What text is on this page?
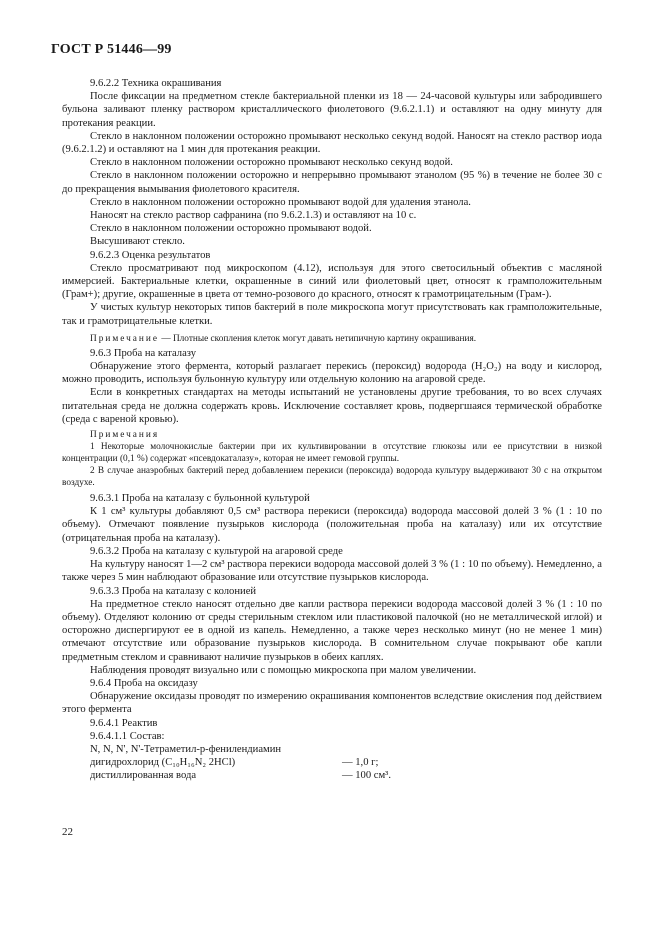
ГОСТ Р 51446—99

9.6.2.2 Техника окрашивания

После фиксации на предметном стекле бактериальной пленки из 18 — 24-часовой культуры или забродившего бульона заливают пленку раствором кристаллического фиолетового (9.6.2.1.1) и оставляют на одну минуту для протекания реакции.

Стекло в наклонном положении осторожно промывают несколько секунд водой. Наносят на стекло раствор иода (9.6.2.1.2) и оставляют на 1 мин для протекания реакции.

Стекло в наклонном положении осторожно промывают несколько секунд водой.

Стекло в наклонном положении осторожно и непрерывно промывают этанолом (95 %) в течение не более 30 с до прекращения вымывания фиолетового красителя.

Стекло в наклонном положении осторожно промывают водой для удаления этанола.

Наносят на стекло раствор сафранина (по 9.6.2.1.3) и оставляют на 10 с.

Стекло в наклонном положении осторожно промывают водой.

Высушивают стекло.

9.6.2.3 Оценка результатов

Стекло просматривают под микроскопом (4.12), используя для этого светосильный объектив с масляной иммерсией. Бактериальные клетки, окрашенные в синий или фиолетовый цвет, относят к грамположительным (Грам+); другие, окрашенные в цвета от темно-розового до красного, относят к грамотрицательным (Грам-).

У чистых культур некоторых типов бактерий в поле микроскопа могут присутствовать как грамположительные, так и грамотрицательные клетки.

Примечание — Плотные скопления клеток могут давать нетипичную картину окрашивания.

9.6.3 Проба на каталазу

Обнаружение этого фермента, который разлагает перекись (пероксид) водорода (H₂O₂) на воду и кислород, можно проводить, используя бульонную культуру или отдельную колонию на агаровой среде.

Если в конкретных стандартах на методы испытаний не установлены другие требования, то во всех случаях питательная среда не должна содержать кровь. Исключение составляет кровь, подвергшаяся термической обработке (среда с вареной кровью).

Примечания

1 Некоторые молочнокислые бактерии при их культивировании в отсутствие глюкозы или ее присутствии в низкой концентрации (0,1 %) содержат «псевдокаталазу», которая не имеет гемовой группы.

2 В случае анаэробных бактерий перед добавлением перекиси (пероксида) водорода культуру выдерживают 30 с на открытом воздухе.

9.6.3.1 Проба на каталазу с бульонной культурой

К 1 см³ культуры добавляют 0,5 см³ раствора перекиси (пероксида) водорода массовой долей 3 % (1 : 10 по объему). Отмечают появление пузырьков кислорода (положительная проба на каталазу) или их отсутствие (отрицательная проба на каталазу).

9.6.3.2 Проба на каталазу с культурой на агаровой среде

На культуру наносят 1—2 см³ раствора перекиси водорода массовой долей 3 % (1 : 10 по объему). Немедленно, а также через 5 мин наблюдают образование или отсутствие пузырьков кислорода.

9.6.3.3 Проба на каталазу с колонией

На предметное стекло наносят отдельно две капли раствора перекиси водорода массовой долей 3 % (1 : 10 по объему). Отделяют колонию от среды стерильным стеклом или пластиковой палочкой (но не металлической иглой) и осторожно диспергируют ее в одной из капель. Немедленно, а также через несколько минут (но не менее 1 мин) отмечают отсутствие или образование пузырьков кислорода. В сомнительном случае покрывают обе капли предметным стеклом и сравнивают наличие пузырьков в обеих каплях.

Наблюдения проводят визуально или с помощью микроскопа при малом увеличении.

9.6.4 Проба на оксидазу

Обнаружение оксидазы проводят по измерению окрашивания компонентов вследствие окисления под действием этого фермента

9.6.4.1 Реактив

9.6.4.1.1 Состав:

N, N, N', N'-Тетраметил-p-фенилендиамин

дигидрохлорид (C₁₀H₁₆N₂ 2HCl)	— 1,0 г;
дистиллированная вода	— 100 см³.
22
